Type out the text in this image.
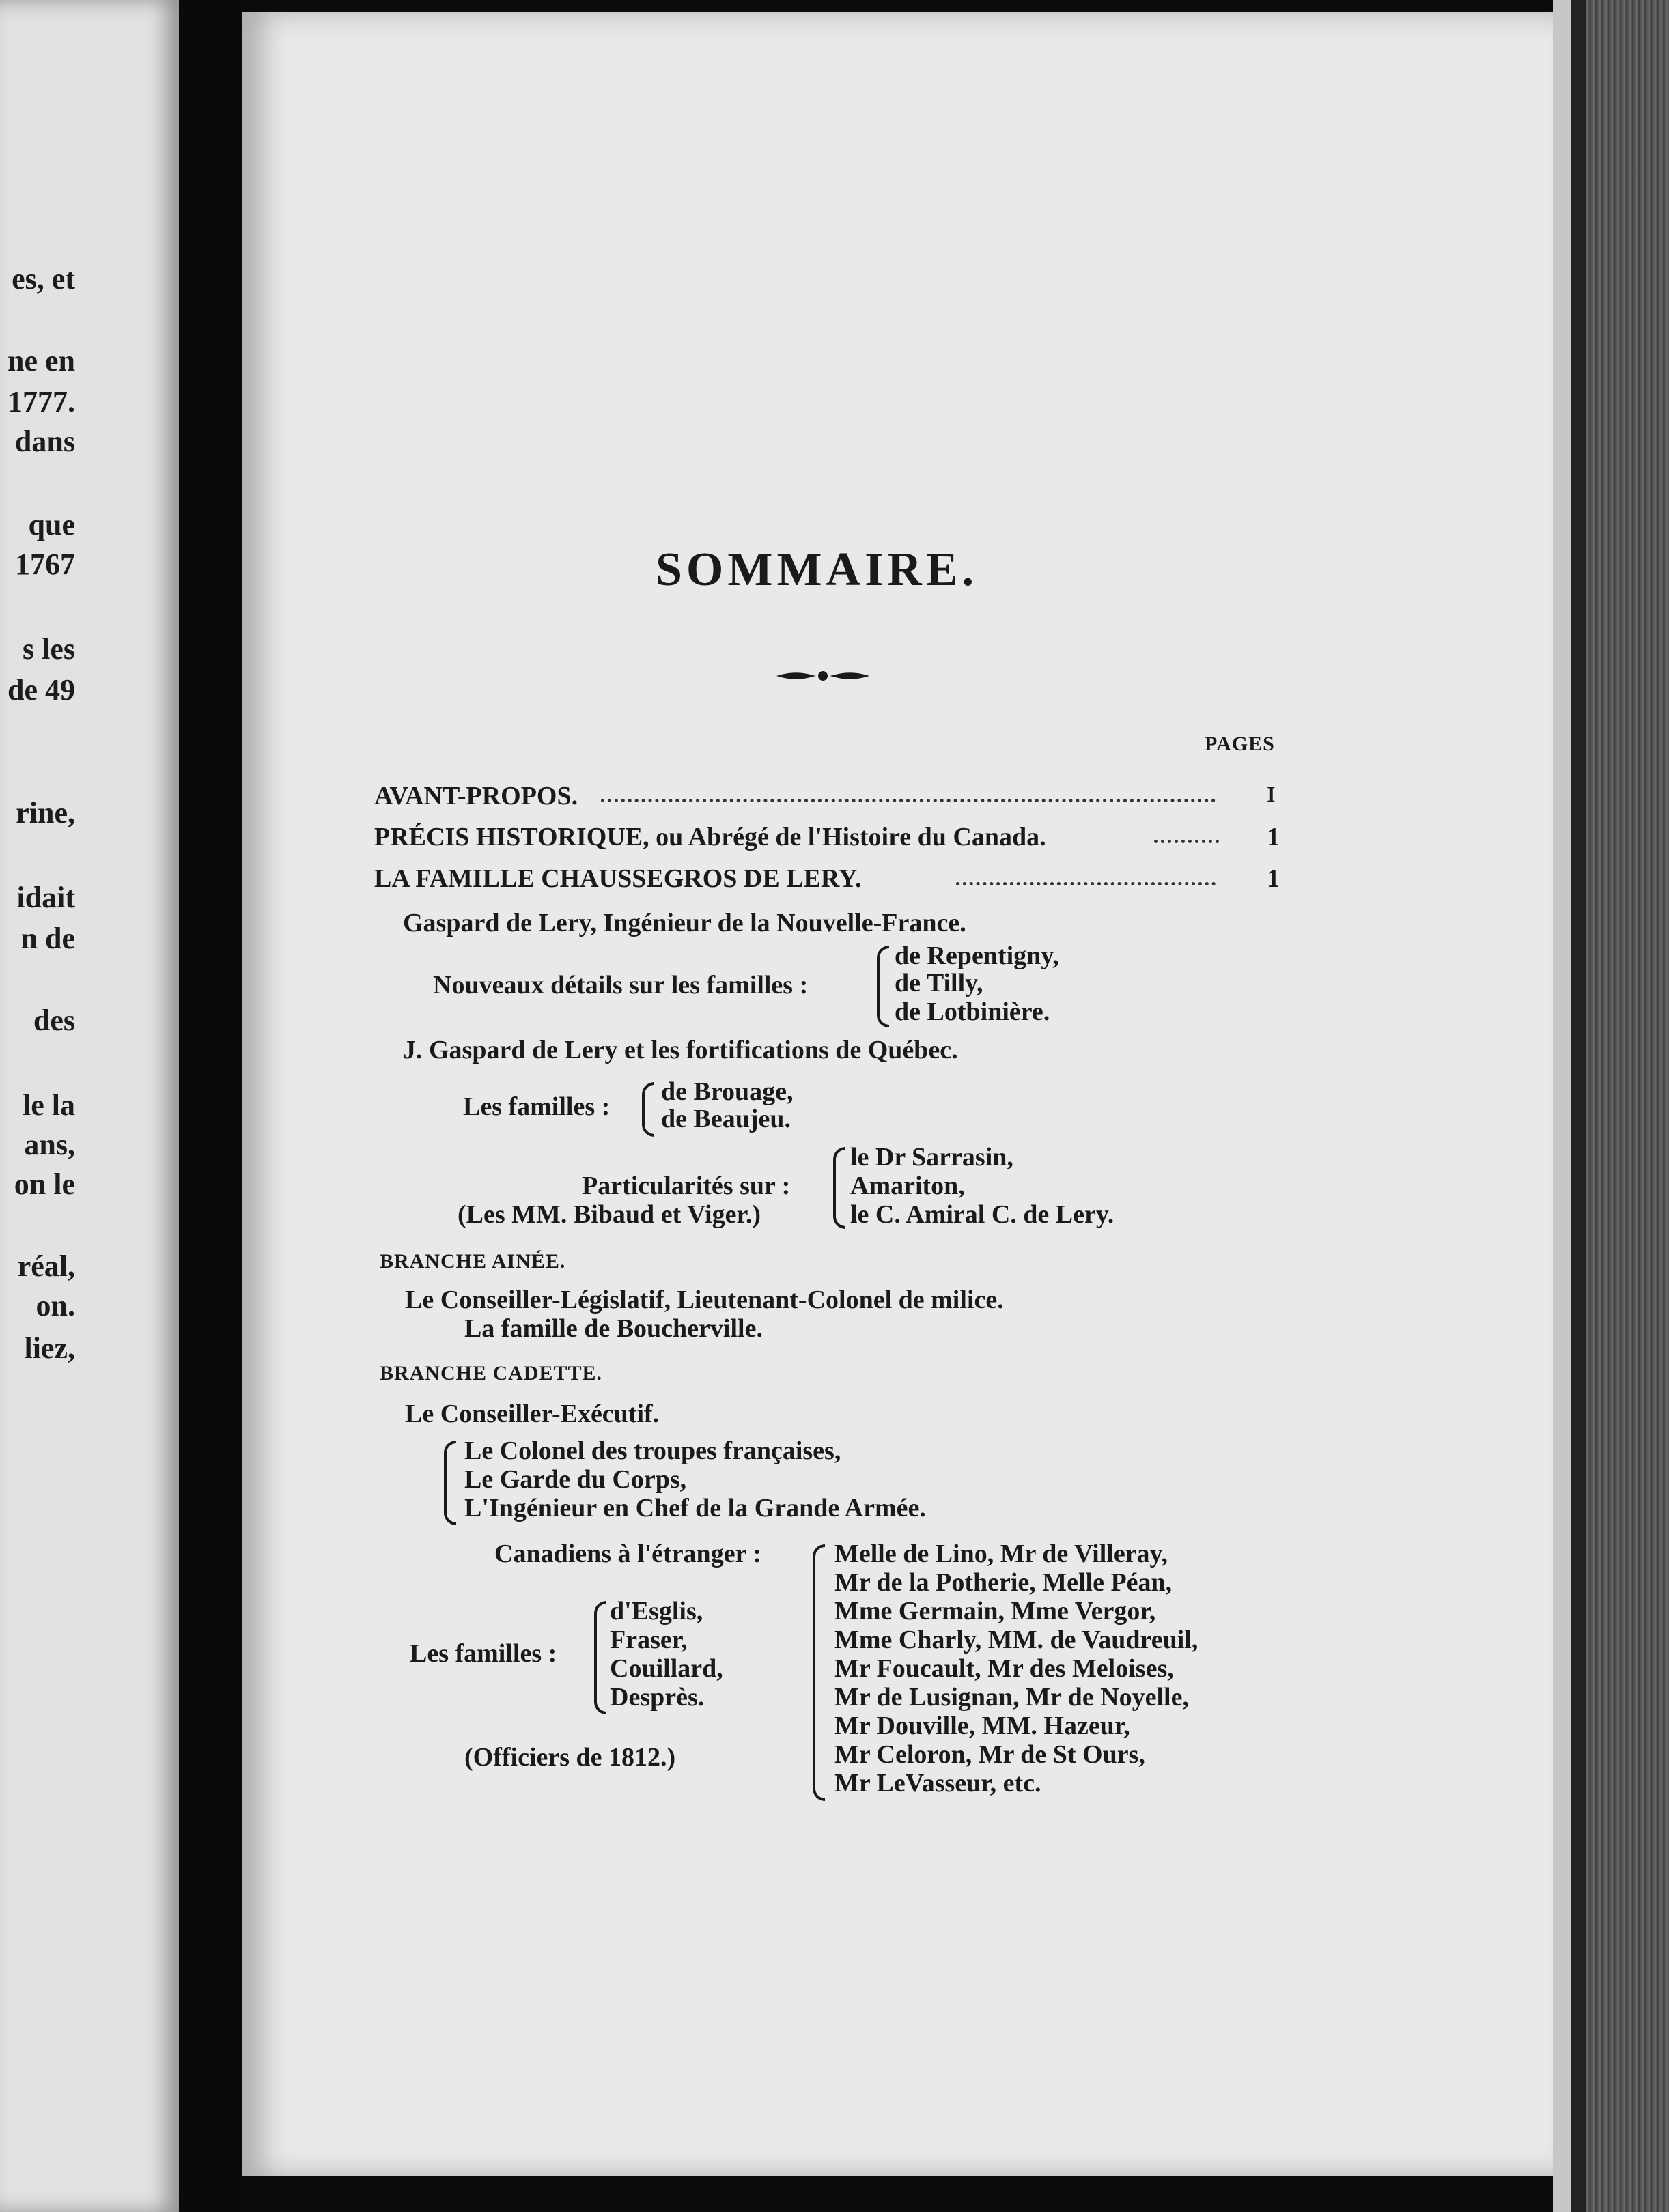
es, et
ne en
1777.
dans
que
1767
s les
de 49
rine,
idait
n de
des
le la
ans,
on le
réal,
on.
liez,
SOMMAIRE.
PAGES
AVANT-PROPOS.	I
PRÉCIS HISTORIQUE, ou Abrégé de l'Histoire du Canada.	1
LA FAMILLE CHAUSSEGROS DE LERY.	1
Gaspard de Lery, Ingénieur de la Nouvelle-France.
Nouveaux détails sur les familles :
de Repentigny,
de Tilly,
de Lotbinière.
J. Gaspard de Lery et les fortifications de Québec.
Les familles :
de Brouage,
de Beaujeu.
Particularités sur :
(Les MM. Bibaud et Viger.)
le Dr Sarrasin,
Amariton,
le C. Amiral C. de Lery.
BRANCHE AINÉE.
Le Conseiller-Législatif, Lieutenant-Colonel de milice.
La famille de Boucherville.
BRANCHE CADETTE.
Le Conseiller-Exécutif.
Le Colonel des troupes françaises,
Le Garde du Corps,
L'Ingénieur en Chef de la Grande Armée.
Canadiens à l'étranger :	Melle de Lino, Mr de Villeray,
Mr de la Potherie, Melle Péan,
Mme Germain, Mme Vergor,
Mme Charly, MM. de Vaudreuil,
Mr Foucault, Mr des Meloises,
Mr de Lusignan, Mr de Noyelle,
Mr Douville, MM. Hazeur,
Mr Celoron, Mr de St Ours,
Mr LeVasseur, etc.
Les familles :
d'Esglis,
Fraser,
Couillard,
Desprès.
(Officiers de 1812.)
